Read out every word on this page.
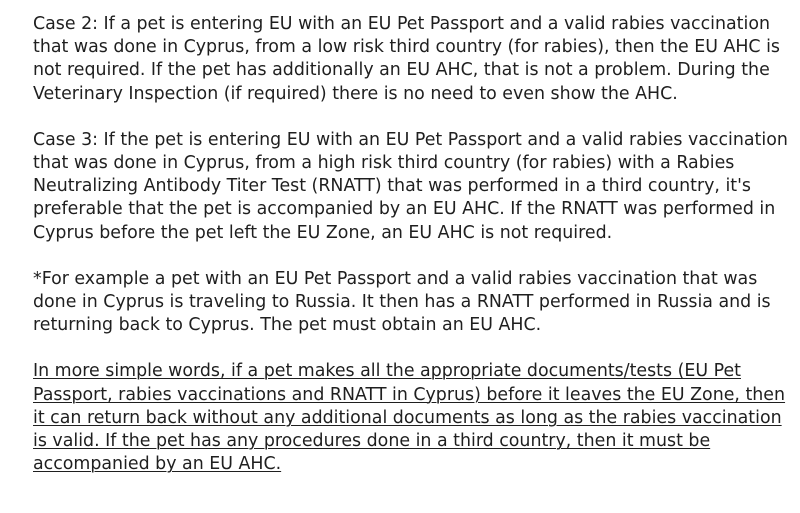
Case 2: If a pet is entering EU with an EU Pet Passport and a valid rabies vaccination that was done in Cyprus, from a low risk third country (for rabies), then the EU AHC is not required. If the pet has additionally an EU AHC, that is not a problem. During the Veterinary Inspection (if required) there is no need to even show the AHC.

Case 3: If the pet is entering EU with an EU Pet Passport and a valid rabies vaccination that was done in Cyprus, from a high risk third country (for rabies) with a Rabies Neutralizing Antibody Titer Test (RNATT) that was performed in a third country, it's preferable that the pet is accompanied by an EU AHC. If the RNATT was performed in Cyprus before the pet left the EU Zone, an EU AHC is not required.

*For example a pet with an EU Pet Passport and a valid rabies vaccination that was done in Cyprus is traveling to Russia. It then has a RNATT performed in Russia and is returning back to Cyprus. The pet must obtain an EU AHC.

In more simple words, if a pet makes all the appropriate documents/tests (EU Pet Passport, rabies vaccinations and RNATT in Cyprus) before it leaves the EU Zone, then it can return back without any additional documents as long as the rabies vaccination is valid. If the pet has any procedures done in a third country, then it must be accompanied by an EU AHC.
